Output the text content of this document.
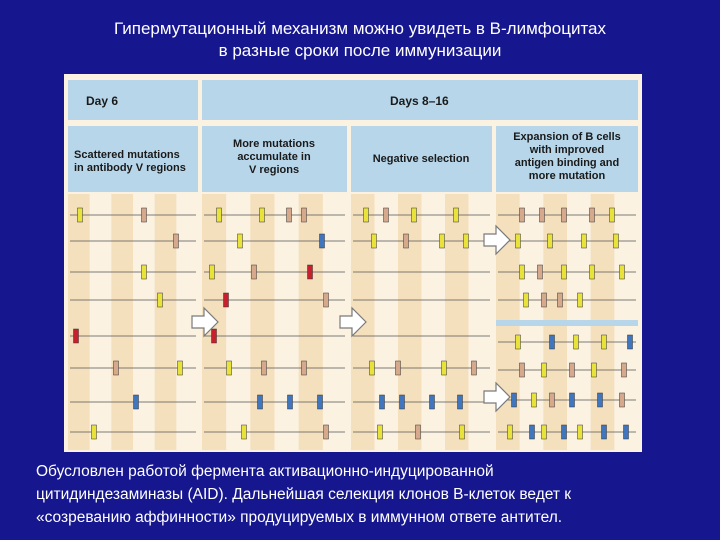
Гипермутационный механизм можно увидеть в В-лимфоцитах
в разные сроки после иммунизации
Day 6	Days 8–16
Scattered mutations
in antibody V regions
More mutations
accumulate in
V regions
Negative selection
Expansion of B cells
with improved
antigen binding and
more mutation
Обусловлен работой фермента активационно-индуцированной
цитидиндезаминазы (AID). Дальнейшая селекция клонов В-клеток ведет к
«созреванию аффинности» продуцируемых в иммунном ответе антител.
